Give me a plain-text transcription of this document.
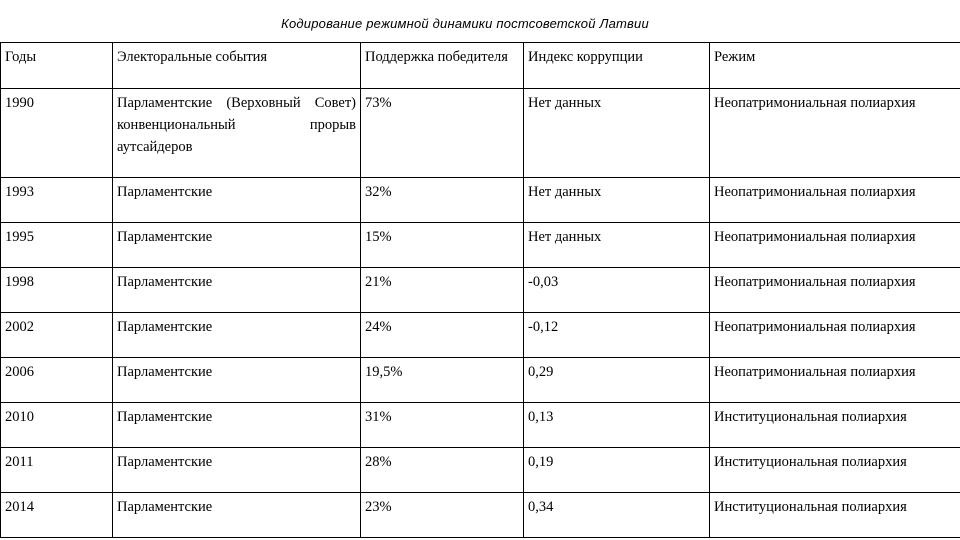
Кодирование режимной динамики постсоветской Латвии
Годы	Электоральные события	Поддержка победителя	Индекс коррупции	Режим
1990	Парламентские (Верховный Совет) конвенциональный прорыв аутсайдеров	73%	Нет данных	Неопатримониальная полиархия
1993	Парламентские	32%	Нет данных	Неопатримониальная полиархия
1995	Парламентские	15%	Нет данных	Неопатримониальная полиархия
1998	Парламентские	21%	-0,03	Неопатримониальная полиархия
2002	Парламентские	24%	-0,12	Неопатримониальная полиархия
2006	Парламентские	19,5%	0,29	Неопатримониальная полиархия
2010	Парламентские	31%	0,13	Институциональная полиархия
2011	Парламентские	28%	0,19	Институциональная полиархия
2014	Парламентские	23%	0,34	Институциональная полиархия
